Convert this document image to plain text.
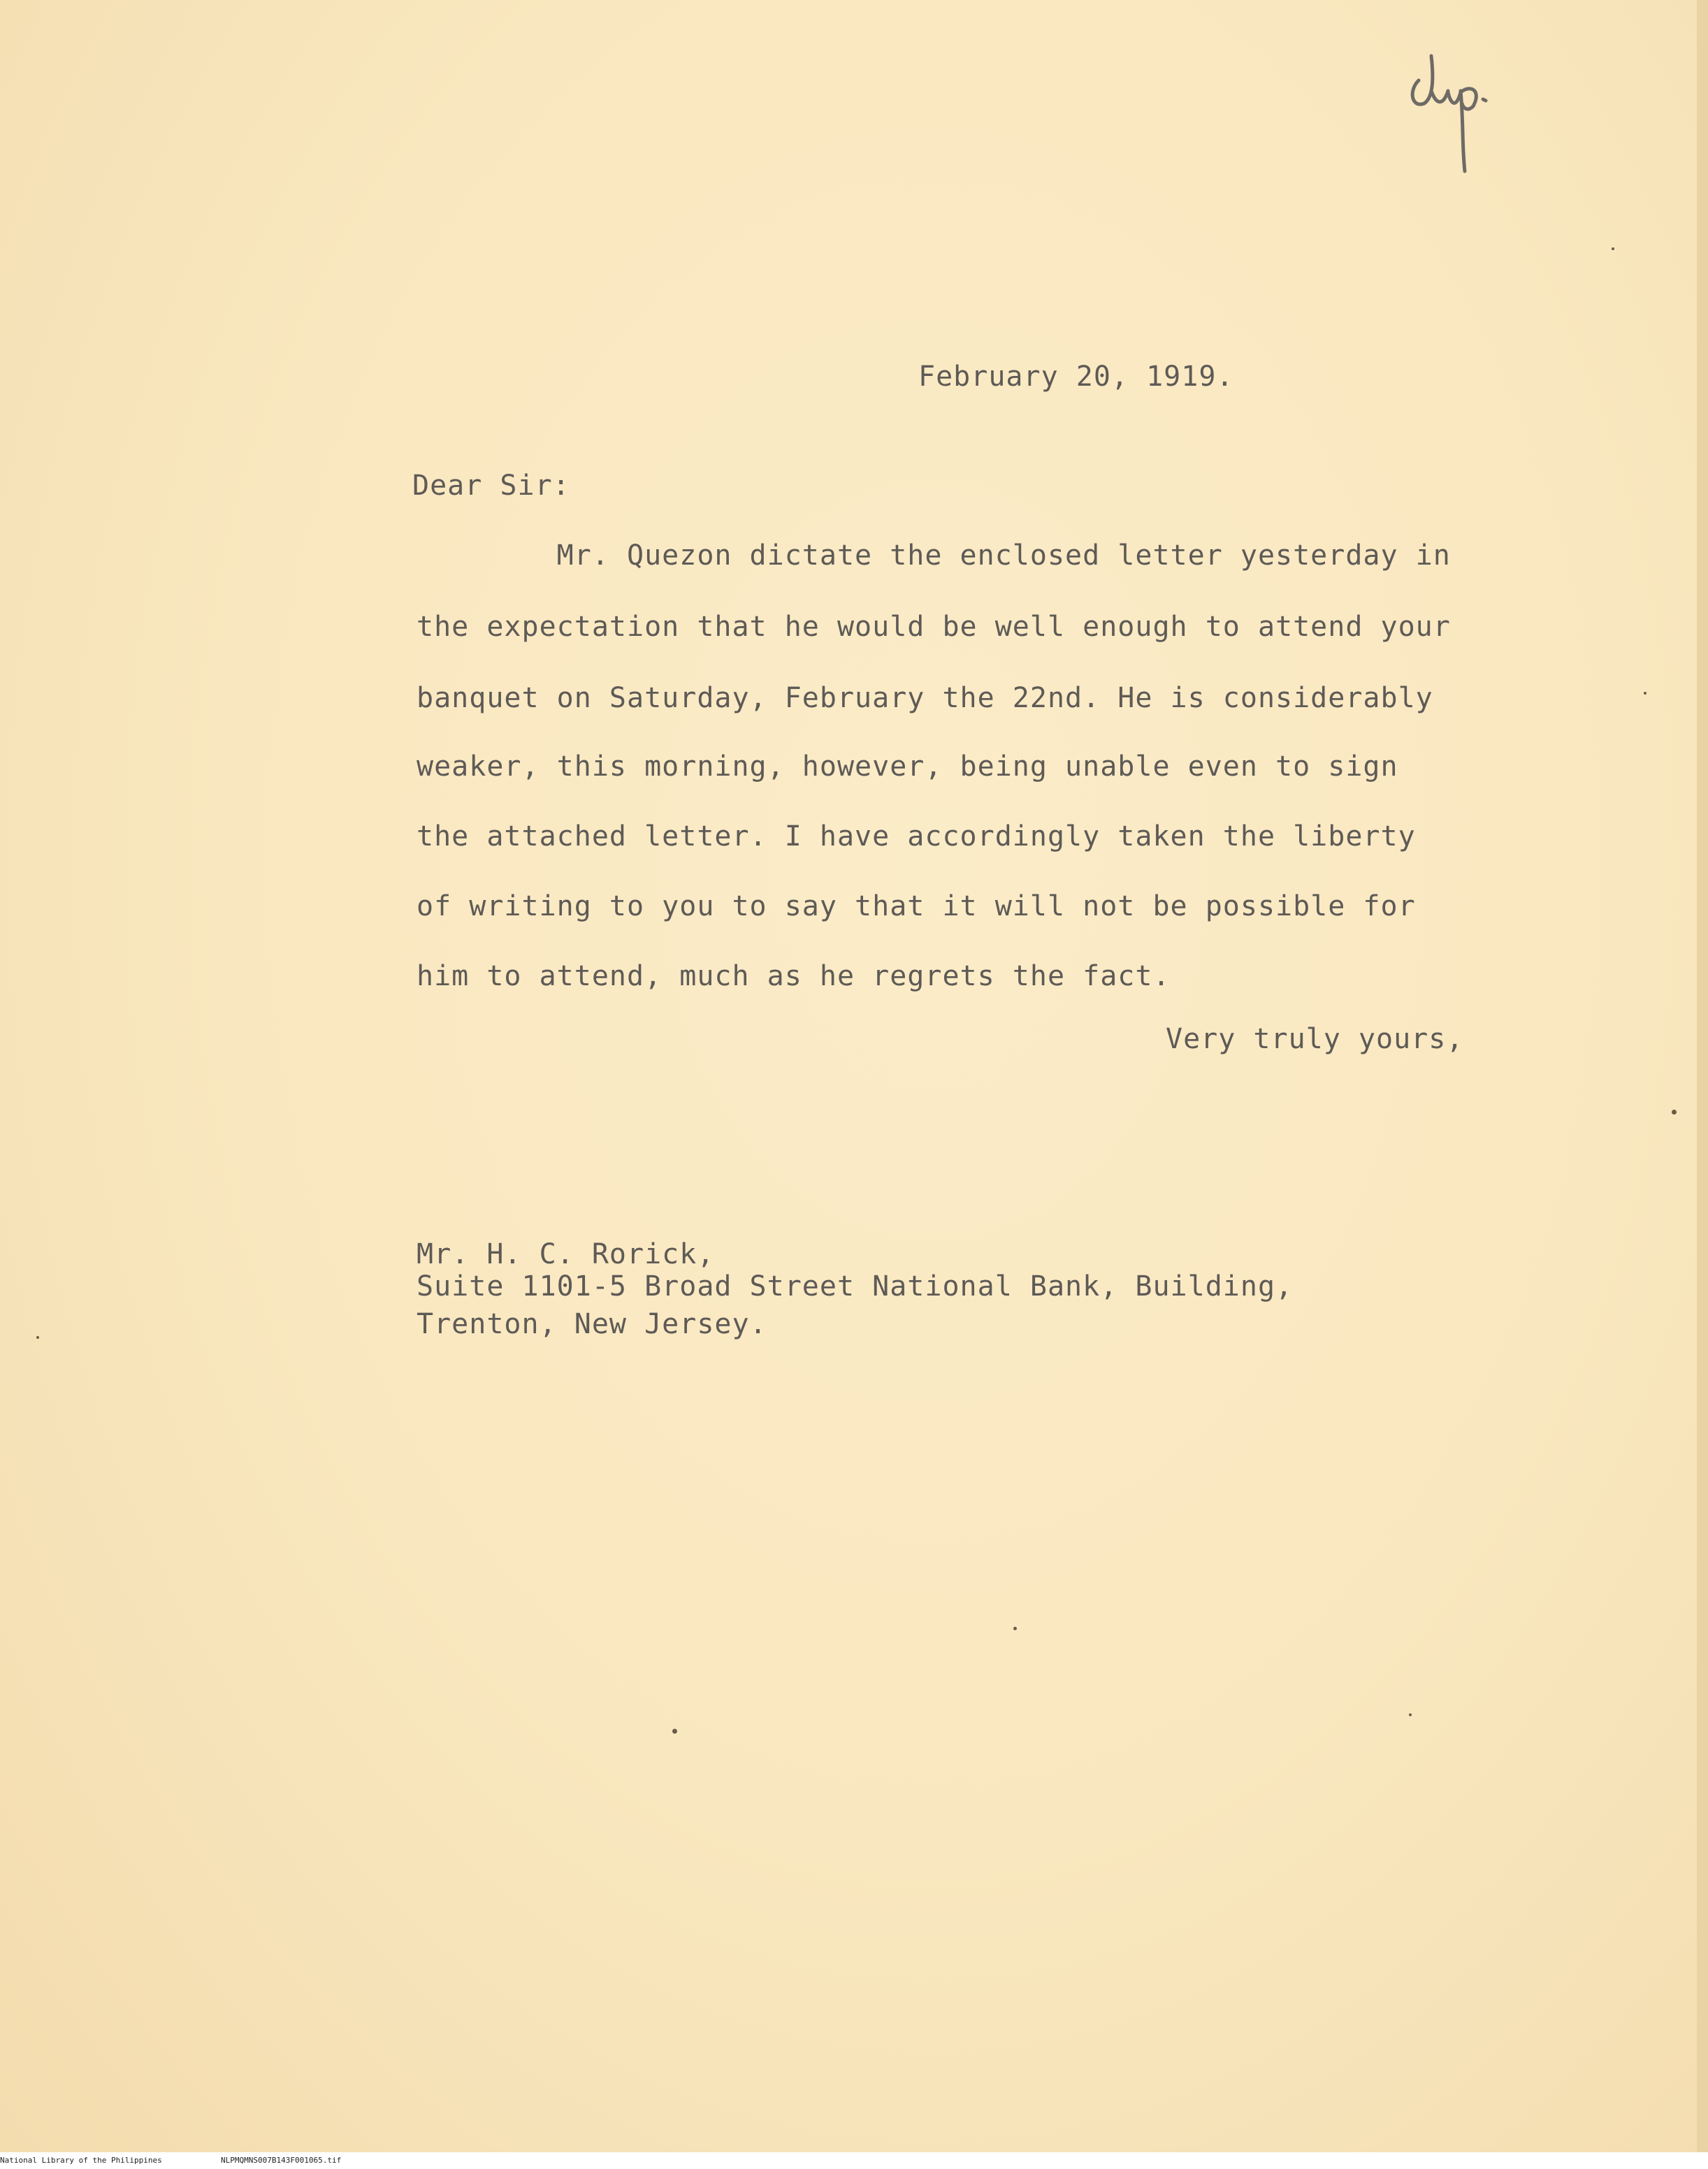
February 20, 1919.
Dear Sir:
Mr. Quezon dictate the enclosed letter yesterday in
the expectation that he would be well enough to attend your
banquet on Saturday, February the 22nd. He is considerably
weaker, this morning, however, being unable even to sign
the attached letter. I have accordingly taken the liberty
of writing to you to say that it will not be possible for
him to attend, much as he regrets the fact.
Very truly yours,
Mr. H. C. Rorick,
Suite 1101-5 Broad Street National Bank, Building,
Trenton, New Jersey.
National Library of the Philippines	NLPMQMNS007B143F001065.tif
